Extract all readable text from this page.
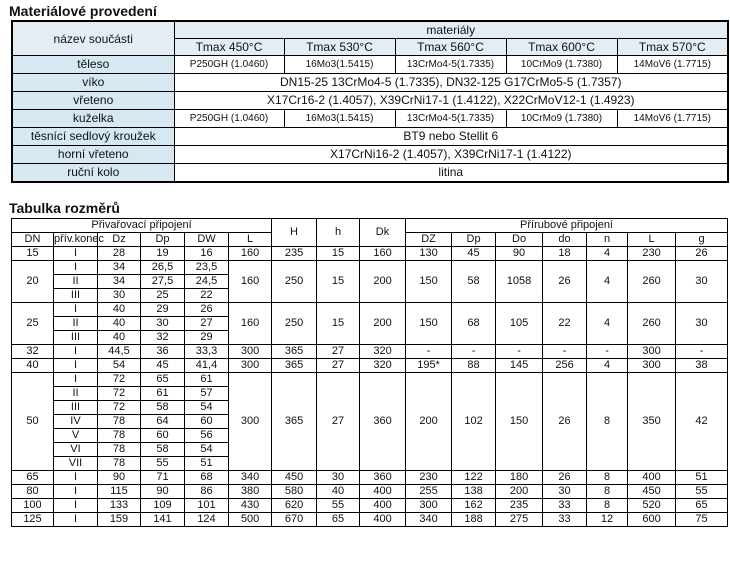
Materiálové provedení
název součásti	materiály				
	Tmax 450°C	Tmax 530°C	Tmax 560°C	Tmax 600°C	Tmax 570°C
těleso	P250GH (1.0460)	16Mo3(1.5415)	13CrMo4-5(1.7335)	10CrMo9 (1.7380)	14MoV6 (1.7715)
víko	DN15-25 13CrMo4-5 (1.7335), DN32-125 G17CrMo5-5 (1.7357)				
vřeteno	X17Cr16-2 (1.4057), X39CrNi17-1 (1.4122), X22CrMoV12-1 (1.4923)				
kuželka	P250GH (1.0460)	16Mo3(1.5415)	13CrMo4-5(1.7335)	10CrMo9 (1.7380)	14MoV6 (1.7715)
těsnící sedlový kroužek	BT9 nebo Stellit 6				
horní vřeteno	X17CrNi16-2 (1.4057), X39CrNi17-1 (1.4122)				
ruční kolo	litina				
Tabulka rozměrů
Přivařovací připojení						H	h	Dk	Přírubové připojení						
DN	přív.konec	Dz	Dp	DW	L				DZ	Dp	Do	do	n	L	g
15	I	28	19	16	160	235	15	160	130	45	90	18	4	230	26
20	I	34	26,5	23,5	160	250	15	200	150	58	1058	26	4	260	30
	II	34	27,5	24,5											
	III	30	25	22											
25	I	40	29	26	160	250	15	200	150	68	105	22	4	260	30
	II	40	30	27											
	III	40	32	29											
32	I	44,5	36	33,3	300	365	27	320	-	-	-	-	-	300	-
40	I	54	45	41,4	300	365	27	320	195*	88	145	256	4	300	38
50	I	72	65	61	300	365	27	360	200	102	150	26	8	350	42
	II	72	61	57											
	III	72	58	54											
	IV	78	64	60											
	V	78	60	56											
	VI	78	58	54											
	VII	78	55	51											
65	I	90	71	68	340	450	30	360	230	122	180	26	8	400	51
80	I	115	90	86	380	580	40	400	255	138	200	30	8	450	55
100	I	133	109	101	430	620	55	400	300	162	235	33	8	520	65
125	I	159	141	124	500	670	65	400	340	188	275	33	12	600	75
